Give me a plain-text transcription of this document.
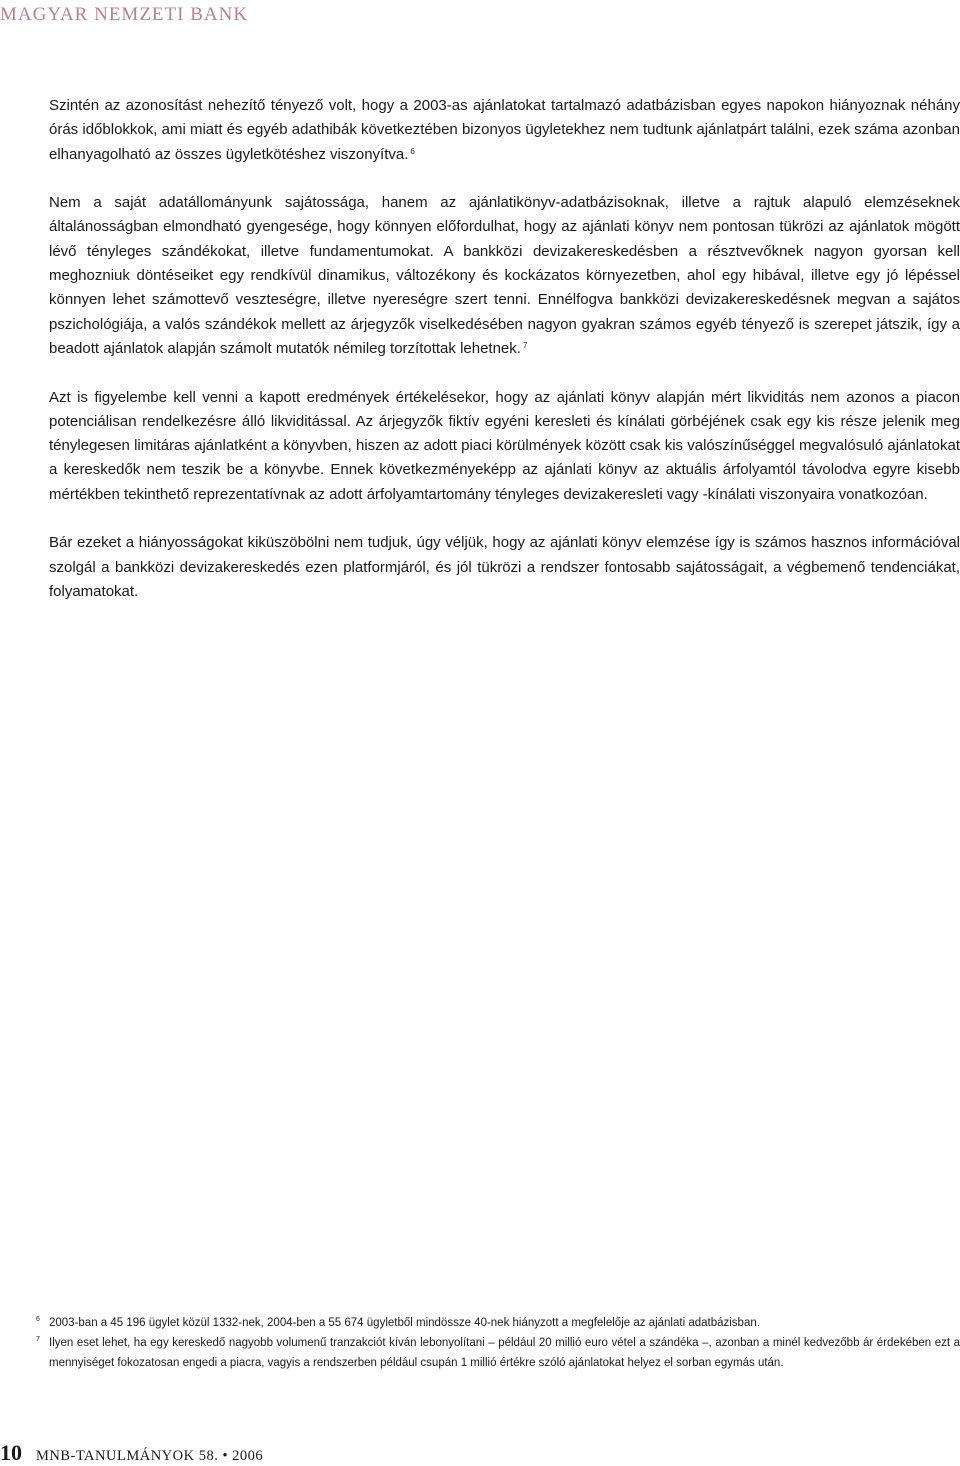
MAGYAR NEMZETI BANK

Szintén az azonosítást nehezítő tényező volt, hogy a 2003-as ajánlatokat tartalmazó adatbázisban egyes napokon hiányoznak néhány órás időblokkok, ami miatt és egyéb adathibák következtében bizonyos ügyletekhez nem tudtunk ajánlatpárt találni, ezek száma azonban elhanyagolható az összes ügyletkötéshez viszonyítva. $^6$

Nem a saját adatállományunk sajátossága, hanem az ajánlatikönyv-adatbázisoknak, illetve a rajtuk alapuló elemzéseknek általánosságban elmondható gyengesége, hogy könnyen előfordulhat, hogy az ajánlati könyv nem pontosan tükrözi az ajánlatok mögött lévő tényleges szándékokat, illetve fundamentumokat. A bankközi devizakereskedésben a résztvevőknek nagyon gyorsan kell meghozniuk döntéseiket egy rendkívül dinamikus, változékony és kockázatos környezetben, ahol egy hibával, illetve egy jó lépéssel könnyen lehet számottevő veszteségre, illetve nyereségre szert tenni. Ennélfogva bankközi devizakereskedésnek megvan a sajátos pszichológiája, a valós szándékok mellett az árjegyzők viselkedésében nagyon gyakran számos egyéb tényező is szerepet játszik, így a beadott ajánlatok alapján számolt mutatók némileg torzítottak lehetnek. $^7$

Azt is figyelembe kell venni a kapott eredmények értékelésekor, hogy az ajánlati könyv alapján mért likviditás nem azonos a piacon potenciálisan rendelkezésre álló likviditással. Az árjegyzők fiktív egyéni keresleti és kínálati görbéjének csak egy kis része jelenik meg ténylegesen limitáras ajánlatként a könyvben, hiszen az adott piaci körülmények között csak kis valószínűséggel megvalósuló ajánlatokat a kereskedők nem teszik be a könyvbe. Ennek következményeképp az ajánlati könyv az aktuális árfolyamtól távolodva egyre kisebb mértékben tekinthető reprezentatívnak az adott árfolyamtartomány tényleges devizakeresleti vagy -kínálati viszonyaira vonatkozóan.

Bár ezeket a hiányosságokat kiküszöbölni nem tudjuk, úgy véljük, hogy az ajánlati könyv elemzése így is számos hasznos információval szolgál a bankközi devizakereskedés ezen platformjáról, és jól tükrözi a rendszer fontosabb sajátosságait, a végbemenő tendenciákat, folyamatokat.

6 2003-ban a 45 196 ügylet közül 1332-nek, 2004-ben a 55 674 ügyletből mindössze 40-nek hiányzott a megfelelője az ajánlati adatbázisban.

7 Ilyen eset lehet, ha egy kereskedő nagyobb volumenű tranzakciót kíván lebonyolítani – például 20 millió euro vétel a szándéka –, azonban a minél kedvezőbb ár érdekében ezt a mennyiséget fokozatosan engedi a piacra, vagyis a rendszerben például csupán 1 millió értékre szóló ajánlatokat helyez el sorban egymás után.

10 MNB-TANULMÁNYOK 58. • 2006
